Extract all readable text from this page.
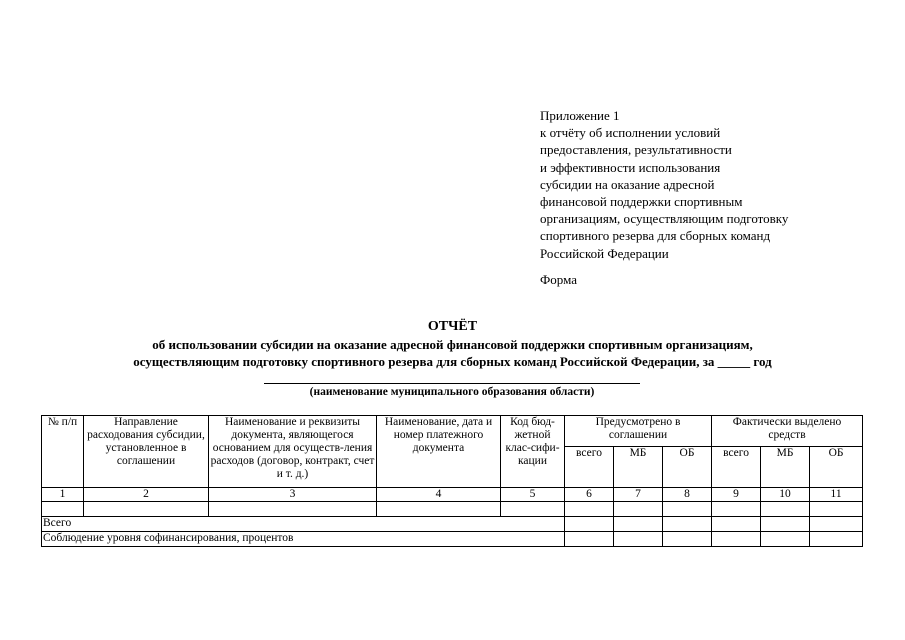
Приложение 1
к отчёту об исполнении условий
предоставления, результативности
и эффективности использования
субсидии на оказание адресной
финансовой поддержки спортивным
организациям, осуществляющим подготовку
спортивного резерва для сборных команд
Российской Федерации
Форма
ОТЧЁТ
об использовании субсидии на оказание адресной финансовой поддержки спортивным организациям,
осуществляющим подготовку спортивного резерва для сборных команд Российской Федерации, за _____ год
(наименование муниципального образования области)
№ п/п	Направление расходования субсидии, установленное в соглашении	Наименование и реквизиты документа, являющегося основанием для осуществ-ления расходов (договор, контракт, счет и т. д.)	Наименование, дата и номер платежного документа	Код бюд-жетной клас-сифи-кации	Предусмотрено в соглашении			Фактически выделено средств		
					всего	МБ	ОБ	всего	МБ	ОБ
1	2	3	4	5	6	7	8	9	10	11

Всего										
Соблюдение уровня софинансирования, процентов										
